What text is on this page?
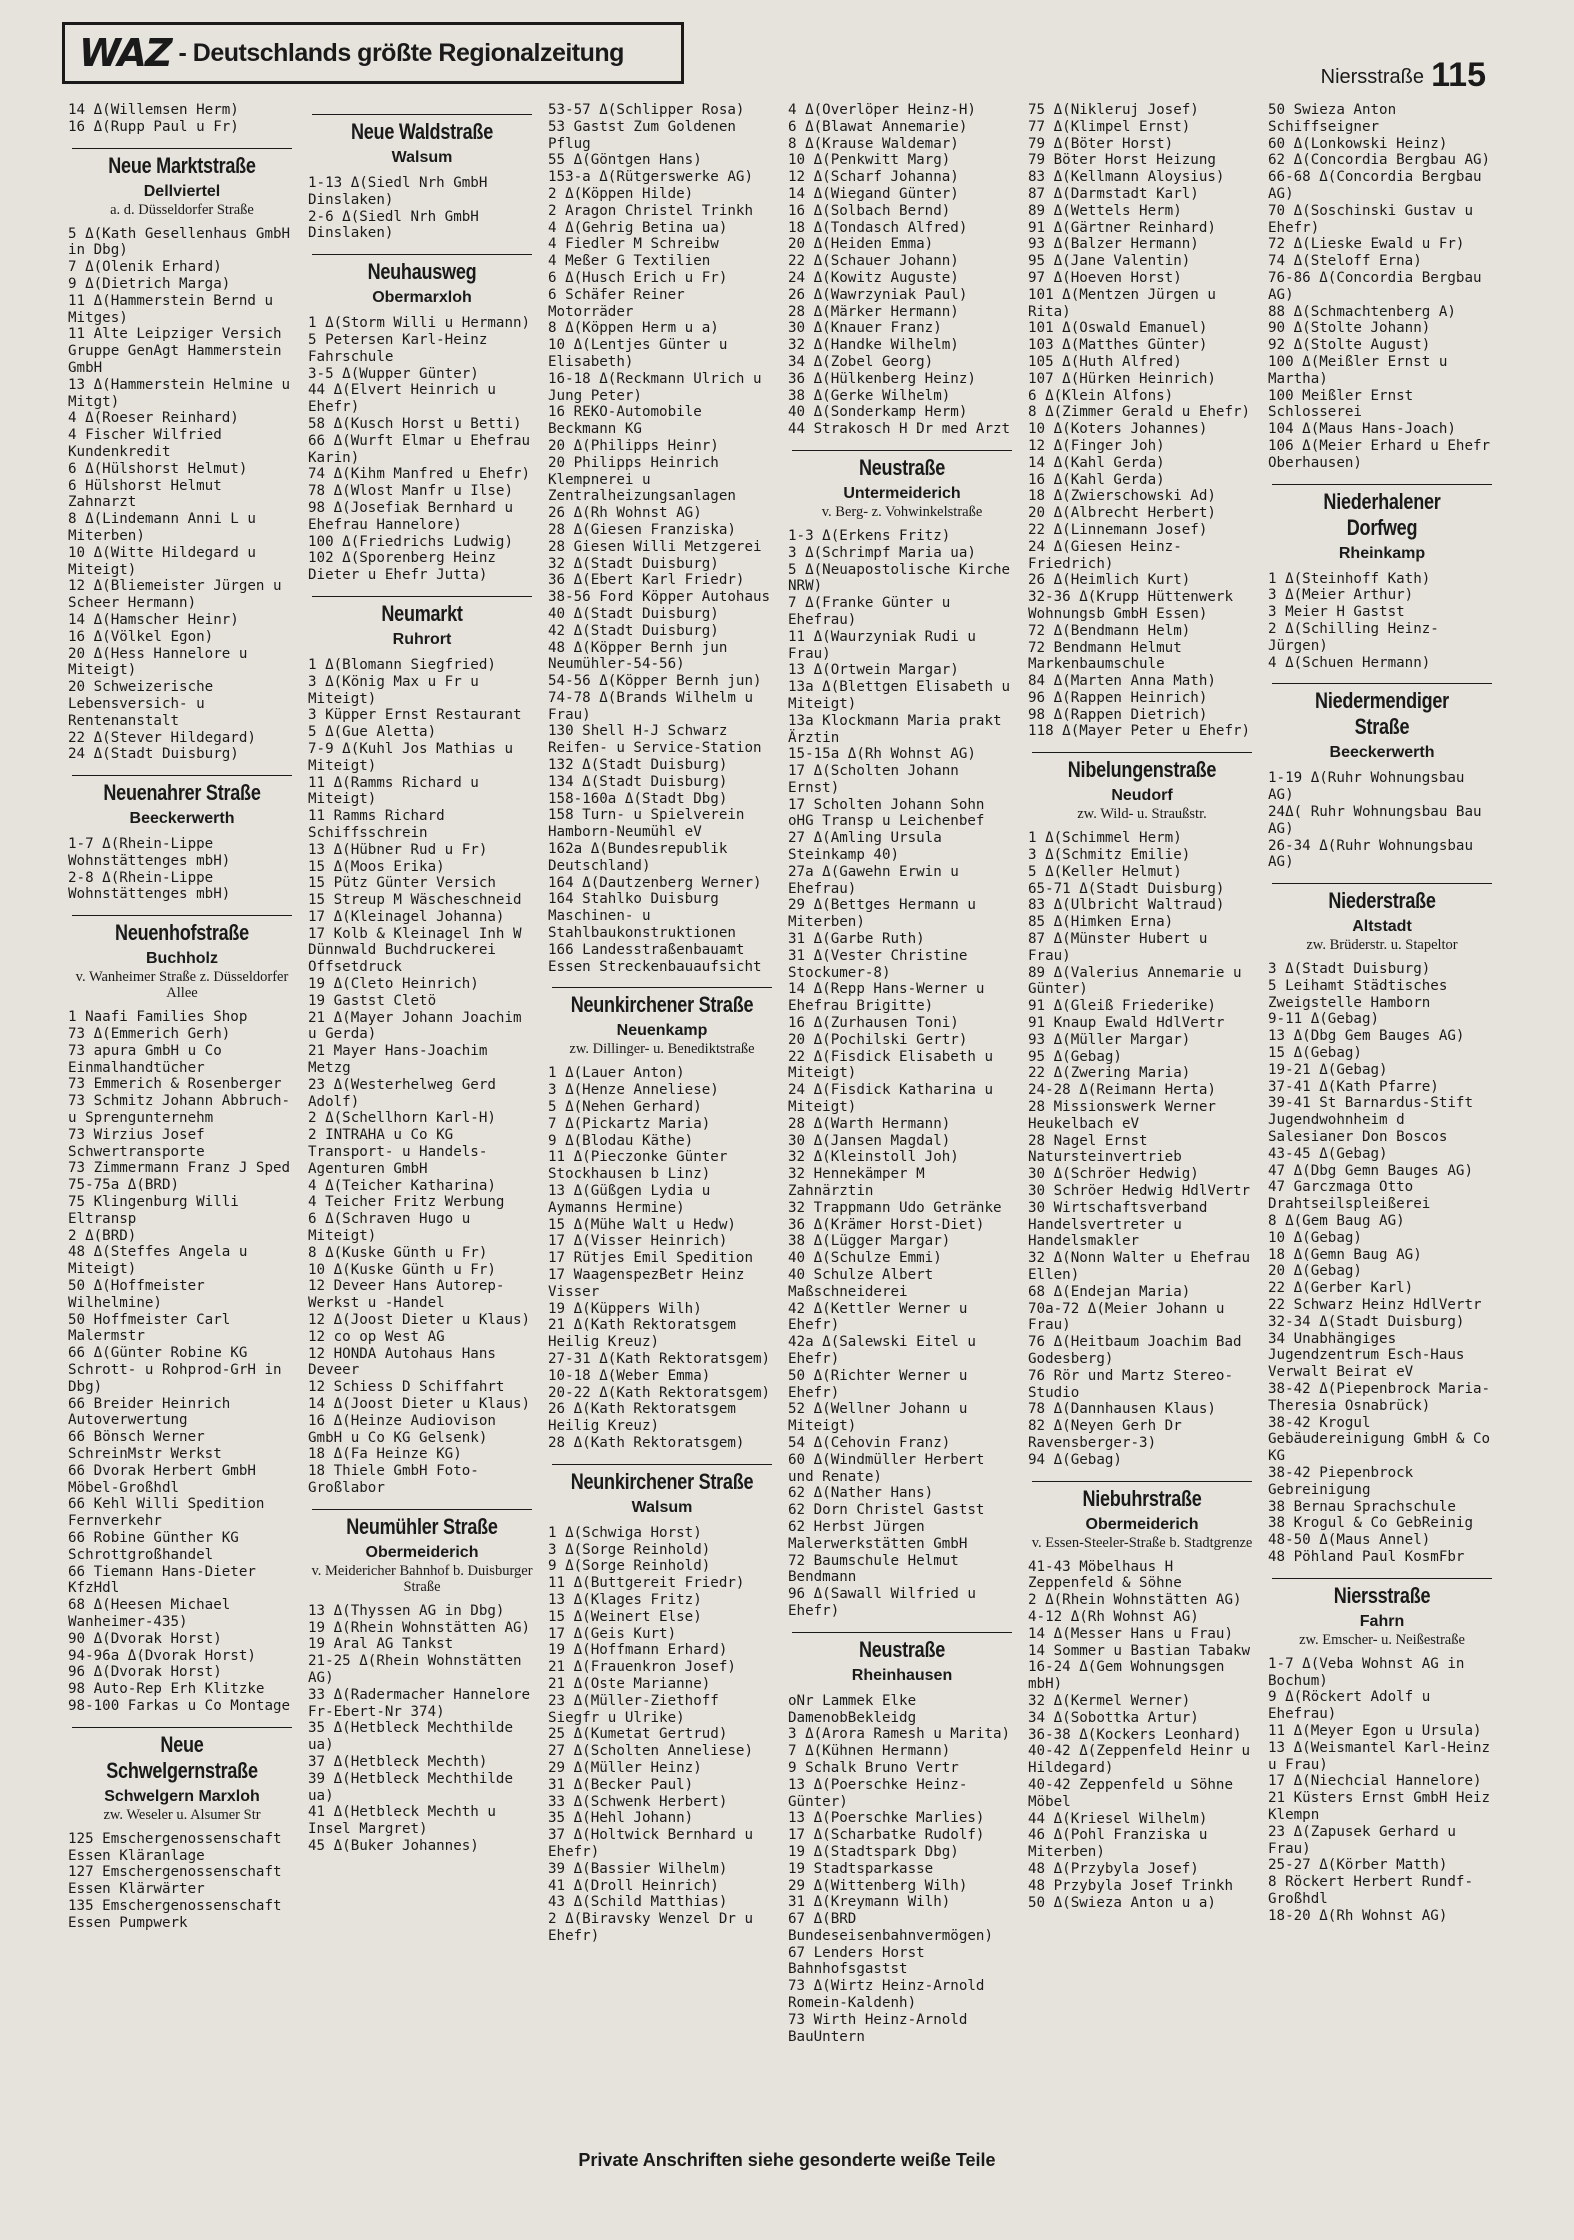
WAZ - Deutschlands größte Regionalzeitung
Niersstraße 115

14 Δ(Willemsen Herm)

16 Δ(Rupp Paul u Fr)

Neue Marktstraße
Dellviertel
a. d. Düsseldorfer Straße

5 Δ(Kath Gesellenhaus GmbH in Dbg)

7 Δ(Olenik Erhard)

9 Δ(Dietrich Marga)

11 Δ(Hammerstein Bernd u Mitges)

11 Alte Leipziger Versich Gruppe GenAgt Hammerstein GmbH

13 Δ(Hammerstein Helmine u Mitgt)

4 Δ(Roeser Reinhard)

4 Fischer Wilfried Kundenkredit

6 Δ(Hülshorst Helmut)

6 Hülshorst Helmut Zahnarzt

8 Δ(Lindemann Anni L u Miterben)

10 Δ(Witte Hildegard u Miteigt)

12 Δ(Bliemeister Jürgen u Scheer Hermann)

14 Δ(Hamscher Heinr)

16 Δ(Völkel Egon)

20 Δ(Hess Hannelore u Miteigt)

20 Schweizerische Lebensversich- u Rentenanstalt

22 Δ(Stever Hildegard)

24 Δ(Stadt Duisburg)

Neuenahrer Straße
Beeckerwerth

1-7 Δ(Rhein-Lippe Wohnstättenges mbH)

2-8 Δ(Rhein-Lippe Wohnstättenges mbH)

Neuenhofstraße
Buchholz
v. Wanheimer Straße z. Düsseldorfer Allee

1 Naafi Families Shop

73 Δ(Emmerich Gerh)

73 apura GmbH u Co Einmalhandtücher

73 Emmerich & Rosenberger

73 Schmitz Johann Abbruch- u Sprengunternehm

73 Wirzius Josef Schwertransporte

73 Zimmermann Franz J Sped

75-75a Δ(BRD)

75 Klingenburg Willi Eltransp

2 Δ(BRD)

48 Δ(Steffes Angela u Miteigt)

50 Δ(Hoffmeister Wilhelmine)

50 Hoffmeister Carl Malermstr

66 Δ(Günter Robine KG Schrott- u Rohprod-GrH in Dbg)

66 Breider Heinrich Autoverwertung

66 Bönsch Werner SchreinMstr Werkst

66 Dvorak Herbert GmbH Möbel-Großhdl

66 Kehl Willi Spedition Fernverkehr

66 Robine Günther KG Schrottgroßhandel

66 Tiemann Hans-Dieter KfzHdl

68 Δ(Heesen Michael Wanheimer-435)

90 Δ(Dvorak Horst)

94-96a Δ(Dvorak Horst)

96 Δ(Dvorak Horst)

98 Auto-Rep Erh Klitzke

98-100 Farkas u Co Montage

Neue Schwelgernstraße
Schwelgern Marxloh
zw. Weseler u. Alsumer Str

125 Emschergenossenschaft Essen Kläranlage

127 Emschergenossenschaft Essen Klärwärter

135 Emschergenossenschaft Essen Pumpwerk

Neue Waldstraße
Walsum

1-13 Δ(Siedl Nrh GmbH Dinslaken)

2-6 Δ(Siedl Nrh GmbH Dinslaken)

Neuhausweg
Obermarxloh

1 Δ(Storm Willi u Hermann)

5 Petersen Karl-Heinz Fahrschule

3-5 Δ(Wupper Günter)

44 Δ(Elvert Heinrich u Ehefr)

58 Δ(Kusch Horst u Betti)

66 Δ(Wurft Elmar u Ehefrau Karin)

74 Δ(Kihm Manfred u Ehefr)

78 Δ(Wlost Manfr u Ilse)

98 Δ(Josefiak Bernhard u Ehefrau Hannelore)

100 Δ(Friedrichs Ludwig)

102 Δ(Sporenberg Heinz Dieter u Ehefr Jutta)

Neumarkt
Ruhrort

1 Δ(Blomann Siegfried)

3 Δ(König Max u Fr u Miteigt)

3 Küpper Ernst Restaurant

5 Δ(Gue Aletta)

7-9 Δ(Kuhl Jos Mathias u Miteigt)

11 Δ(Ramms Richard u Miteigt)

11 Ramms Richard Schiffsschrein

13 Δ(Hübner Rud u Fr)

15 Δ(Moos Erika)

15 Pütz Günter Versich

15 Streup M Wäscheschneid

17 Δ(Kleinagel Johanna)

17 Kolb & Kleinagel Inh W Dünnwald Buchdruckerei Offsetdruck

19 Δ(Cleto Heinrich)

19 Gastst Cletö

21 Δ(Mayer Johann Joachim u Gerda)

21 Mayer Hans-Joachim Metzg

23 Δ(Westerhelweg Gerd Adolf)

2 Δ(Schellhorn Karl-H)

2 INTRAHA u Co KG Transport- u Handels-Agenturen GmbH

4 Δ(Teicher Katharina)

4 Teicher Fritz Werbung

6 Δ(Schraven Hugo u Miteigt)

8 Δ(Kuske Günth u Fr)

10 Δ(Kuske Günth u Fr)

12 Deveer Hans Autorep-Werkst u -Handel

12 Δ(Joost Dieter u Klaus)

12 co op West AG

12 HONDA Autohaus Hans Deveer

12 Schiess D Schiffahrt

14 Δ(Joost Dieter u Klaus)

16 Δ(Heinze Audiovison GmbH u Co KG Gelsenk)

18 Δ(Fa Heinze KG)

18 Thiele GmbH Foto-Großlabor

Neumühler Straße
Obermeiderich
v. Meidericher Bahnhof b. Duisburger Straße

13 Δ(Thyssen AG in Dbg)

19 Δ(Rhein Wohnstätten AG)

19 Aral AG Tankst

21-25 Δ(Rhein Wohnstätten AG)

33 Δ(Radermacher Hannelore Fr-Ebert-Nr 374)

35 Δ(Hetbleck Mechthilde ua)

37 Δ(Hetbleck Mechth)

39 Δ(Hetbleck Mechthilde ua)

41 Δ(Hetbleck Mechth u Insel Margret)

45 Δ(Buker Johannes)

53-57 Δ(Schlipper Rosa)

53 Gastst Zum Goldenen Pflug

55 Δ(Göntgen Hans)

153-a Δ(Rütgerswerke AG)

2 Δ(Köppen Hilde)

2 Aragon Christel Trinkh

4 Δ(Gehrig Betina ua)

4 Fiedler M Schreibw

4 Meßer G Textilien

6 Δ(Husch Erich u Fr)

6 Schäfer Reiner Motorräder

8 Δ(Köppen Herm u a)

10 Δ(Lentjes Günter u Elisabeth)

16-18 Δ(Reckmann Ulrich u Jung Peter)

16 REKO-Automobile Beckmann KG

20 Δ(Philipps Heinr)

20 Philipps Heinrich Klempnerei u Zentralheizungsanlagen

26 Δ(Rh Wohnst AG)

28 Δ(Giesen Franziska)

28 Giesen Willi Metzgerei

32 Δ(Stadt Duisburg)

36 Δ(Ebert Karl Friedr)

38-56 Ford Köpper Autohaus

40 Δ(Stadt Duisburg)

42 Δ(Stadt Duisburg)

48 Δ(Köpper Bernh jun Neumühler-54-56)

54-56 Δ(Köpper Bernh jun)

74-78 Δ(Brands Wilhelm u Frau)

130 Shell H-J Schwarz Reifen- u Service-Station

132 Δ(Stadt Duisburg)

134 Δ(Stadt Duisburg)

158-160a Δ(Stadt Dbg)

158 Turn- u Spielverein Hamborn-Neumühl eV

162a Δ(Bundesrepublik Deutschland)

164 Δ(Dautzenberg Werner)

164 Stahlko Duisburg Maschinen- u Stahlbaukonstruktionen

166 Landesstraßenbauamt Essen Streckenbauaufsicht

Neunkirchener Straße
Neuenkamp
zw. Dillinger- u. Benediktstraße

1 Δ(Lauer Anton)

3 Δ(Henze Anneliese)

5 Δ(Nehen Gerhard)

7 Δ(Pickartz Maria)

9 Δ(Blodau Käthe)

11 Δ(Pieczonke Günter Stockhausen b Linz)

13 Δ(Güßgen Lydia u Aymanns Hermine)

15 Δ(Mühe Walt u Hedw)

17 Δ(Visser Heinrich)

17 Rütjes Emil Spedition

17 WaagenspezBetr Heinz Visser

19 Δ(Küppers Wilh)

21 Δ(Kath Rektoratsgem Heilig Kreuz)

27-31 Δ(Kath Rektoratsgem)

10-18 Δ(Weber Emma)

20-22 Δ(Kath Rektoratsgem)

26 Δ(Kath Rektoratsgem Heilig Kreuz)

28 Δ(Kath Rektoratsgem)

Neunkirchener Straße
Walsum

1 Δ(Schwiga Horst)

3 Δ(Sorge Reinhold)

9 Δ(Sorge Reinhold)

11 Δ(Buttgereit Friedr)

13 Δ(Klages Fritz)

15 Δ(Weinert Else)

17 Δ(Geis Kurt)

19 Δ(Hoffmann Erhard)

21 Δ(Frauenkron Josef)

21 Δ(Oste Marianne)

23 Δ(Müller-Ziethoff Siegfr u Ulrike)

25 Δ(Kumetat Gertrud)

27 Δ(Scholten Anneliese)

29 Δ(Müller Heinz)

31 Δ(Becker Paul)

33 Δ(Schwenk Herbert)

35 Δ(Hehl Johann)

37 Δ(Holtwick Bernhard u Ehefr)

39 Δ(Bassier Wilhelm)

41 Δ(Droll Heinrich)

43 Δ(Schild Matthias)

2 Δ(Biravsky Wenzel Dr u Ehefr)

4 Δ(Overlöper Heinz-H)

6 Δ(Blawat Annemarie)

8 Δ(Krause Waldemar)

10 Δ(Penkwitt Marg)

12 Δ(Scharf Johanna)

14 Δ(Wiegand Günter)

16 Δ(Solbach Bernd)

18 Δ(Tondasch Alfred)

20 Δ(Heiden Emma)

22 Δ(Schauer Johann)

24 Δ(Kowitz Auguste)

26 Δ(Wawrzyniak Paul)

28 Δ(Märker Hermann)

30 Δ(Knauer Franz)

32 Δ(Handke Wilhelm)

34 Δ(Zobel Georg)

36 Δ(Hülkenberg Heinz)

38 Δ(Gerke Wilhelm)

40 Δ(Sonderkamp Herm)

44 Strakosch H Dr med Arzt

Neustraße
Untermeiderich
v. Berg- z. Vohwinkelstraße

1-3 Δ(Erkens Fritz)

3 Δ(Schrimpf Maria ua)

5 Δ(Neuapostolische Kirche NRW)

7 Δ(Franke Günter u Ehefrau)

11 Δ(Waurzyniak Rudi u Frau)

13 Δ(Ortwein Margar)

13a Δ(Blettgen Elisabeth u Miteigt)

13a Klockmann Maria prakt Ärztin

15-15a Δ(Rh Wohnst AG)

17 Δ(Scholten Johann Ernst)

17 Scholten Johann Sohn oHG Transp u Leichenbef

27 Δ(Amling Ursula Steinkamp 40)

27a Δ(Gawehn Erwin u Ehefrau)

29 Δ(Bettges Hermann u Miterben)

31 Δ(Garbe Ruth)

31 Δ(Vester Christine Stockumer-8)

14 Δ(Repp Hans-Werner u Ehefrau Brigitte)

16 Δ(Zurhausen Toni)

20 Δ(Pochilski Gertr)

22 Δ(Fisdick Elisabeth u Miteigt)

24 Δ(Fisdick Katharina u Miteigt)

28 Δ(Warth Hermann)

30 Δ(Jansen Magdal)

32 Δ(Kleinstoll Joh)

32 Hennekämper M Zahnärztin

32 Trappmann Udo Getränke

36 Δ(Krämer Horst-Diet)

38 Δ(Lügger Margar)

40 Δ(Schulze Emmi)

40 Schulze Albert Maßschneiderei

42 Δ(Kettler Werner u Ehefr)

42a Δ(Salewski Eitel u Ehefr)

50 Δ(Richter Werner u Ehefr)

52 Δ(Wellner Johann u Miteigt)

54 Δ(Cehovin Franz)

60 Δ(Windmüller Herbert und Renate)

62 Δ(Nather Hans)

62 Dorn Christel Gastst

62 Herbst Jürgen Malerwerkstätten GmbH

72 Baumschule Helmut Bendmann

96 Δ(Sawall Wilfried u Ehefr)

Neustraße
Rheinhausen

oNr Lammek Elke DamenobBekleidg

3 Δ(Arora Ramesh u Marita)

7 Δ(Kühnen Hermann)

9 Schalk Bruno Vertr

13 Δ(Poerschke Heinz-Günter)

13 Δ(Poerschke Marlies)

17 Δ(Scharbatke Rudolf)

19 Δ(Stadtspark Dbg)

19 Stadtsparkasse

29 Δ(Wittenberg Wilh)

31 Δ(Kreymann Wilh)

67 Δ(BRD Bundeseisenbahnvermögen)

67 Lenders Horst Bahnhofsgastst

73 Δ(Wirtz Heinz-Arnold Romein-Kaldenh)

73 Wirth Heinz-Arnold BauUntern

75 Δ(Nikleruj Josef)

77 Δ(Klimpel Ernst)

79 Δ(Böter Horst)

79 Böter Horst Heizung

83 Δ(Kellmann Aloysius)

87 Δ(Darmstadt Karl)

89 Δ(Wettels Herm)

91 Δ(Gärtner Reinhard)

93 Δ(Balzer Hermann)

95 Δ(Jane Valentin)

97 Δ(Hoeven Horst)

101 Δ(Mentzen Jürgen u Rita)

101 Δ(Oswald Emanuel)

103 Δ(Matthes Günter)

105 Δ(Huth Alfred)

107 Δ(Hürken Heinrich)

6 Δ(Klein Alfons)

8 Δ(Zimmer Gerald u Ehefr)

10 Δ(Koters Johannes)

12 Δ(Finger Joh)

14 Δ(Kahl Gerda)

16 Δ(Kahl Gerda)

18 Δ(Zwierschowski Ad)

20 Δ(Albrecht Herbert)

22 Δ(Linnemann Josef)

24 Δ(Giesen Heinz-Friedrich)

26 Δ(Heimlich Kurt)

32-36 Δ(Krupp Hüttenwerk Wohnungsb GmbH Essen)

72 Δ(Bendmann Helm)

72 Bendmann Helmut Markenbaumschule

84 Δ(Marten Anna Math)

96 Δ(Rappen Heinrich)

98 Δ(Rappen Dietrich)

118 Δ(Mayer Peter u Ehefr)

Nibelungenstraße
Neudorf
zw. Wild- u. Straußstr.

1 Δ(Schimmel Herm)

3 Δ(Schmitz Emilie)

5 Δ(Keller Helmut)

65-71 Δ(Stadt Duisburg)

83 Δ(Ulbricht Waltraud)

85 Δ(Himken Erna)

87 Δ(Münster Hubert u Frau)

89 Δ(Valerius Annemarie u Günter)

91 Δ(Gleiß Friederike)

91 Knaup Ewald HdlVertr

93 Δ(Müller Margar)

95 Δ(Gebag)

22 Δ(Zwering Maria)

24-28 Δ(Reimann Herta)

28 Missionswerk Werner Heukelbach eV

28 Nagel Ernst Natursteinvertrieb

30 Δ(Schröer Hedwig)

30 Schröer Hedwig HdlVertr

30 Wirtschaftsverband Handelsvertreter u Handelsmakler

32 Δ(Nonn Walter u Ehefrau Ellen)

68 Δ(Endejan Maria)

70a-72 Δ(Meier Johann u Frau)

76 Δ(Heitbaum Joachim Bad Godesberg)

76 Rör und Martz Stereo-Studio

78 Δ(Dannhausen Klaus)

82 Δ(Neyen Gerh Dr Ravensberger-3)

94 Δ(Gebag)

Niebuhrstraße
Obermeiderich
v. Essen-Steeler-Straße b. Stadtgrenze

41-43 Möbelhaus H Zeppenfeld & Söhne

2 Δ(Rhein Wohnstätten AG)

4-12 Δ(Rh Wohnst AG)

14 Δ(Messer Hans u Frau)

14 Sommer u Bastian Tabakw

16-24 Δ(Gem Wohnungsgen mbH)

32 Δ(Kermel Werner)

34 Δ(Sobottka Artur)

36-38 Δ(Kockers Leonhard)

40-42 Δ(Zeppenfeld Heinr u Hildegard)

40-42 Zeppenfeld u Söhne Möbel

44 Δ(Kriesel Wilhelm)

46 Δ(Pohl Franziska u Miterben)

48 Δ(Przybyla Josef)

48 Przybyla Josef Trinkh

50 Δ(Swieza Anton u a)

50 Swieza Anton Schiffseigner

60 Δ(Lonkowski Heinz)

62 Δ(Concordia Bergbau AG)

66-68 Δ(Concordia Bergbau AG)

70 Δ(Soschinski Gustav u Ehefr)

72 Δ(Lieske Ewald u Fr)

74 Δ(Steloff Erna)

76-86 Δ(Concordia Bergbau AG)

88 Δ(Schmachtenberg A)

90 Δ(Stolte Johann)

92 Δ(Stolte August)

100 Δ(Meißler Ernst u Martha)

100 Meißler Ernst Schlosserei

104 Δ(Maus Hans-Joach)

106 Δ(Meier Erhard u Ehefr Oberhausen)

Niederhalener Dorfweg
Rheinkamp

1 Δ(Steinhoff Kath)

3 Δ(Meier Arthur)

3 Meier H Gastst

2 Δ(Schilling Heinz-Jürgen)

4 Δ(Schuen Hermann)

Niedermendiger Straße
Beeckerwerth

1-19 Δ(Ruhr Wohnungsbau AG)

24Δ( Ruhr Wohnungsbau Bau AG)

26-34 Δ(Ruhr Wohnungsbau AG)

Niederstraße
Altstadt
zw. Brüderstr. u. Stapeltor

3 Δ(Stadt Duisburg)

5 Leihamt Städtisches Zweigstelle Hamborn

9-11 Δ(Gebag)

13 Δ(Dbg Gem Bauges AG)

15 Δ(Gebag)

19-21 Δ(Gebag)

37-41 Δ(Kath Pfarre)

39-41 St Barnardus-Stift Jugendwohnheim d Salesianer Don Boscos

43-45 Δ(Gebag)

47 Δ(Dbg Gemn Bauges AG)

47 Garczmaga Otto Drahtseilspleißerei

8 Δ(Gem Baug AG)

10 Δ(Gebag)

18 Δ(Gemn Baug AG)

20 Δ(Gebag)

22 Δ(Gerber Karl)

22 Schwarz Heinz HdlVertr

32-34 Δ(Stadt Duisburg)

34 Unabhängiges Jugendzentrum Esch-Haus Verwalt Beirat eV

38-42 Δ(Piepenbrock Maria-Theresia Osnabrück)

38-42 Krogul Gebäudereinigung GmbH & Co KG

38-42 Piepenbrock Gebreinigung

38 Bernau Sprachschule

38 Krogul & Co GebReinig

48-50 Δ(Maus Annel)

48 Pöhland Paul KosmFbr

Niersstraße
Fahrn
zw. Emscher- u. Neißestraße

1-7 Δ(Veba Wohnst AG in Bochum)

9 Δ(Röckert Adolf u Ehefrau)

11 Δ(Meyer Egon u Ursula)

13 Δ(Weismantel Karl-Heinz u Frau)

17 Δ(Niechcial Hannelore)

21 Küsters Ernst GmbH Heiz Klempn

23 Δ(Zapusek Gerhard u Frau)

25-27 Δ(Körber Matth)

8 Röckert Herbert Rundf-Großhdl

18-20 Δ(Rh Wohnst AG)

Private Anschriften siehe gesonderte weiße Teile
